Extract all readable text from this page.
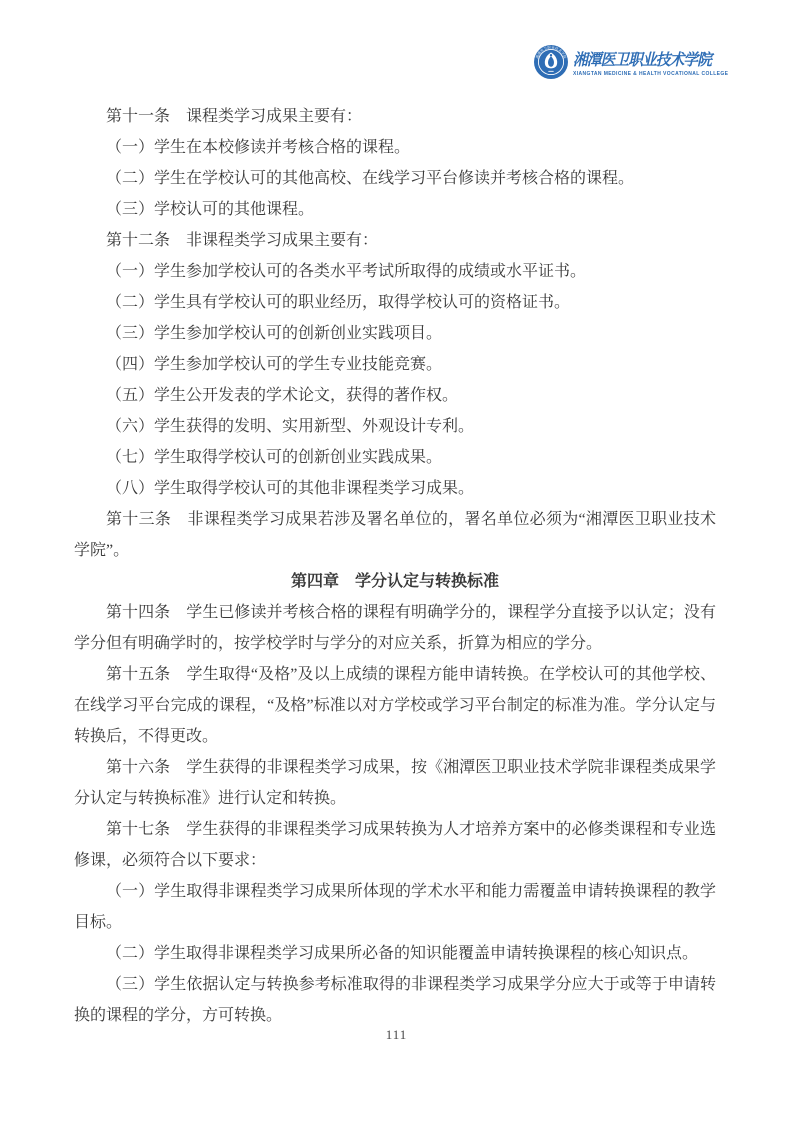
湘潭医卫职业技术学院 湘潭医卫职业技术学院
XIANGTAN MEDICINE & HEALTH VOCATIONAL COLLEGE

第十一条　课程类学习成果主要有：

（一）学生在本校修读并考核合格的课程。

（二）学生在学校认可的其他高校、在线学习平台修读并考核合格的课程。

（三）学校认可的其他课程。

第十二条　非课程类学习成果主要有：

（一）学生参加学校认可的各类水平考试所取得的成绩或水平证书。

（二）学生具有学校认可的职业经历，取得学校认可的资格证书。

（三）学生参加学校认可的创新创业实践项目。

（四）学生参加学校认可的学生专业技能竞赛。

（五）学生公开发表的学术论文，获得的著作权。

（六）学生获得的发明、实用新型、外观设计专利。

（七）学生取得学校认可的创新创业实践成果。

（八）学生取得学校认可的其他非课程类学习成果。

第十三条　非课程类学习成果若涉及署名单位的，署名单位必须为“湘潭医卫职业技术学院”。

第四章　学分认定与转换标准

第十四条　学生已修读并考核合格的课程有明确学分的，课程学分直接予以认定；没有学分但有明确学时的，按学校学时与学分的对应关系，折算为相应的学分。

第十五条　学生取得“及格”及以上成绩的课程方能申请转换。在学校认可的其他学校、在线学习平台完成的课程，“及格”标准以对方学校或学习平台制定的标准为准。学分认定与转换后，不得更改。

第十六条　学生获得的非课程类学习成果，按《湘潭医卫职业技术学院非课程类成果学分认定与转换标准》进行认定和转换。

第十七条　学生获得的非课程类学习成果转换为人才培养方案中的必修类课程和专业选修课，必须符合以下要求：

（一）学生取得非课程类学习成果所体现的学术水平和能力需覆盖申请转换课程的教学目标。

（二）学生取得非课程类学习成果所必备的知识能覆盖申请转换课程的核心知识点。

（三）学生依据认定与转换参考标准取得的非课程类学习成果学分应大于或等于申请转换的课程的学分，方可转换。

111
